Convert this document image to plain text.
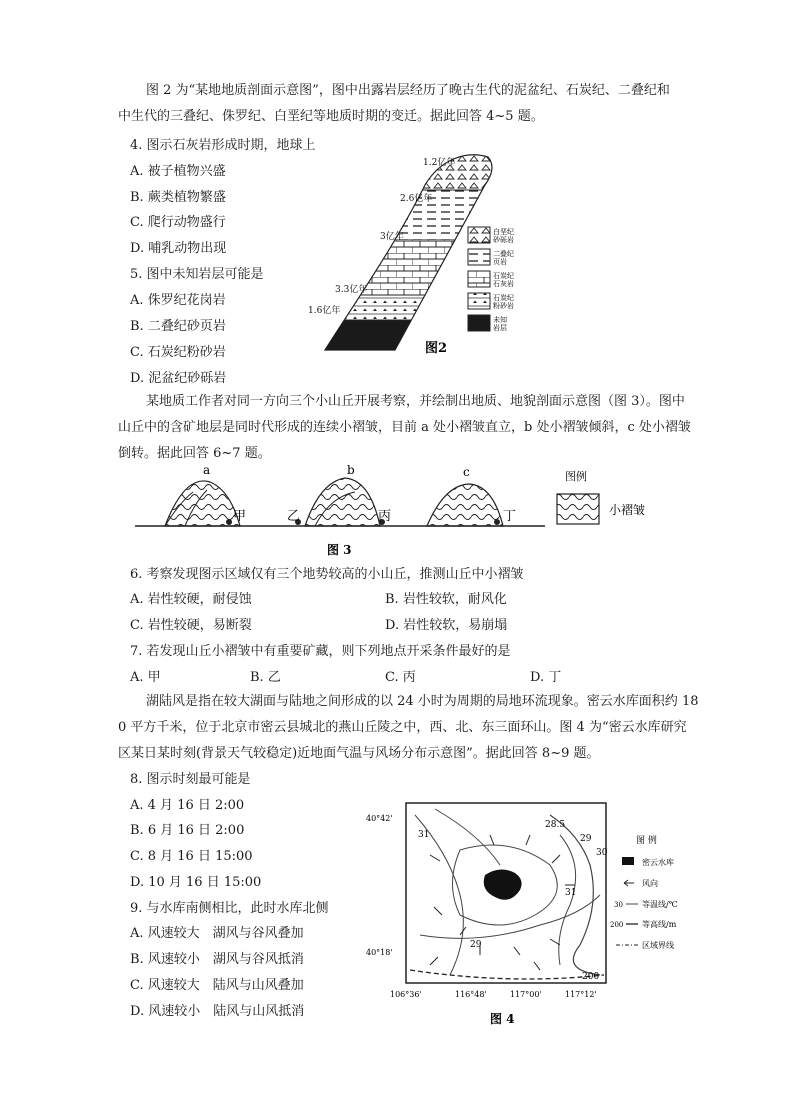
图 2 为“某地地质剖面示意图”，图中出露岩层经历了晚古生代的泥盆纪、石炭纪、二叠纪和
中生代的三叠纪、侏罗纪、白垩纪等地质时期的变迁。据此回答 4~5 题。
4. 图示石灰岩形成时期，地球上
A. 被子植物兴盛
B. 蕨类植物繁盛
C. 爬行动物盛行
D. 哺乳动物出现
5. 图中未知岩层可能是
A. 侏罗纪花岗岩
B. 二叠纪砂页岩
C. 石炭纪粉砂岩
D. 泥盆纪砂砾岩
1.2亿年
2.6亿年
3亿年
3.3亿年
1.6亿年
白垩纪
砂砾岩
二叠纪
页岩
石炭纪
石灰岩
石炭纪
粉砂岩
未知
岩层
图2
某地质工作者对同一方向三个小山丘开展考察，并绘制出地质、地貌剖面示意图（图 3）。图中
山丘中的含矿地层是同时代形成的连续小褶皱，目前 a 处小褶皱直立，b 处小褶皱倾斜，c 处小褶皱
倒转。据此回答 6~7 题。
a
甲	乙
b
丙
c
丁
图例
小褶皱
图 3
6. 考察发现图示区域仅有三个地势较高的小山丘，推测山丘中小褶皱
A. 岩性较硬，耐侵蚀	B. 岩性较软，耐风化
C. 岩性较硬，易断裂	D. 岩性较软，易崩塌
7. 若发现山丘小褶皱中有重要矿藏，则下列地点开采条件最好的是
A. 甲	B. 乙	C. 丙	D. 丁
湖陆风是指在较大湖面与陆地之间形成的以 24 小时为周期的局地环流现象。密云水库面积约 18
0 平方千米，位于北京市密云县城北的燕山丘陵之中，西、北、东三面环山。图 4 为“密云水库研究
区某日某时刻(背景天气较稳定)近地面气温与风场分布示意图”。据此回答 8~9 题。
8. 图示时刻最可能是
A. 4 月 16 日 2:00
B. 6 月 16 日 2:00
C. 8 月 16 日 15:00
D. 10 月 16 日 15:00
9. 与水库南侧相比，此时水库北侧
A. 风速较大　湖风与谷风叠加
B. 风速较小　湖风与谷风抵消
C. 风速较大　陆风与山风叠加
D. 风速较小　陆风与山风抵消
31
28.5
29
30
31
29
200
40°42'
40°18'
106°36'	116°48'	117°00'	117°12'
图 例
密云水库
风向
30 等温线/℃
200 等高线/m
区域界线
图 4
